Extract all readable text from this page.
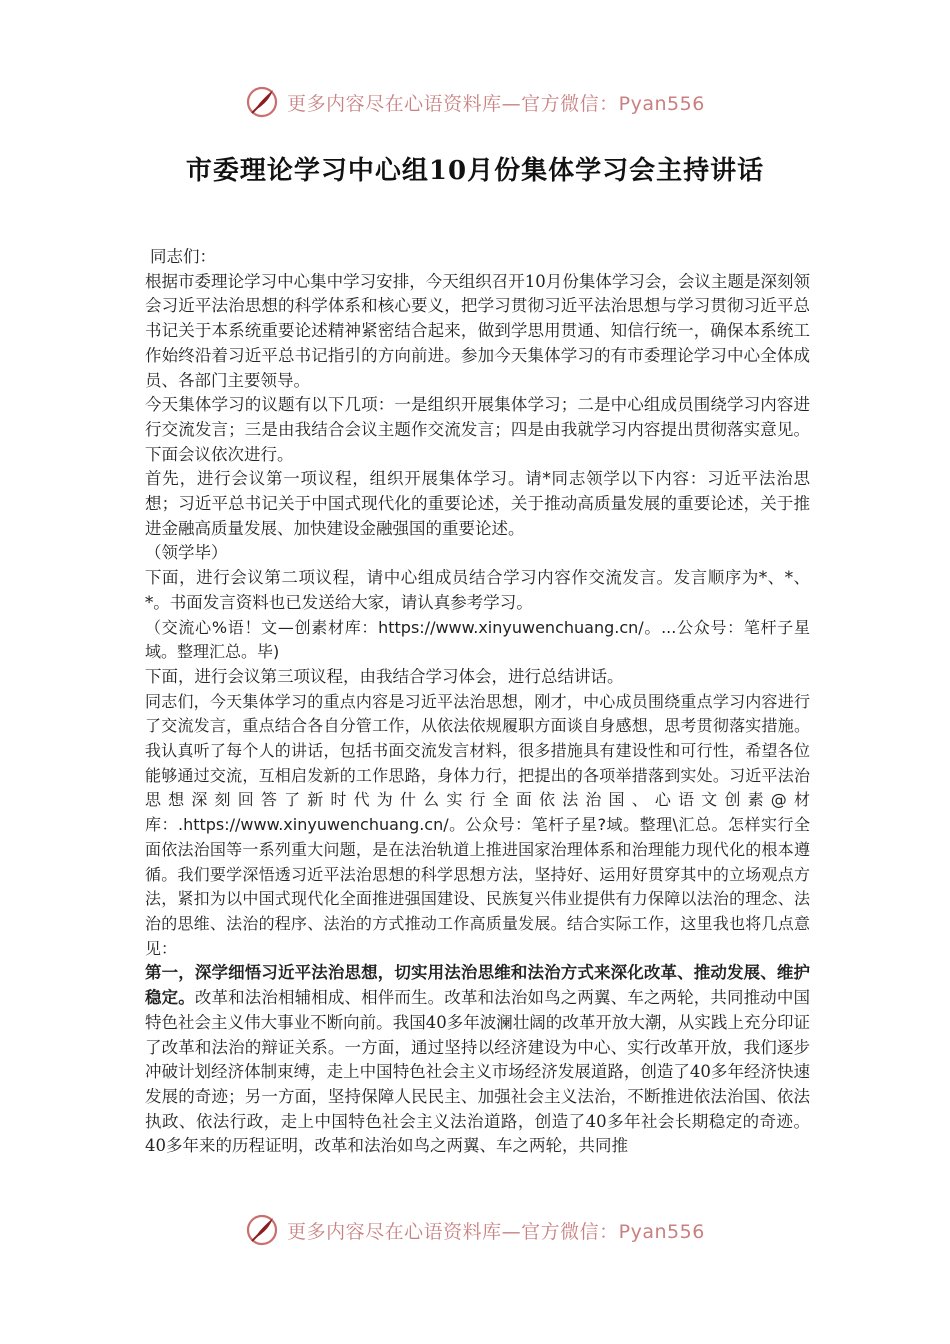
更多内容尽在心语资料库—官方微信：Pyan556
市委理论学习中心组10月份集体学习会主持讲话

同志们：

根据市委理论学习中心集中学习安排，今天组织召开10月份集体学习会，会议主题是深刻领会习近平法治思想的科学体系和核心要义，把学习贯彻习近平法治思想与学习贯彻习近平总书记关于本系统重要论述精神紧密结合起来，做到学思用贯通、知信行统一，确保本系统工作始终沿着习近平总书记指引的方向前进。参加今天集体学习的有市委理论学习中心全体成员、各部门主要领导。

今天集体学习的议题有以下几项：一是组织开展集体学习；二是中心组成员围绕学习内容进行交流发言；三是由我结合会议主题作交流发言；四是由我就学习内容提出贯彻落实意见。下面会议依次进行。

首先，进行会议第一项议程，组织开展集体学习。请*同志领学以下内容：习近平法治思想；习近平总书记关于中国式现代化的重要论述，关于推动高质量发展的重要论述，关于推进金融高质量发展、加快建设金融强国的重要论述。

（领学毕）

下面，进行会议第二项议程，请中心组成员结合学习内容作交流发言。发言顺序为*、*、*。书面发言资料也已发送给大家，请认真参考学习。

（交流心%语！文—创素材库：https://www.xinyuwenchuang.cn/。...公众号：笔杆子星域。整理汇总。毕)

下面，进行会议第三项议程，由我结合学习体会，进行总结讲话。

同志们，今天集体学习的重点内容是习近平法治思想，刚才，中心成员围绕重点学习内容进行了交流发言，重点结合各自分管工作，从依法依规履职方面谈自身感想，思考贯彻落实措施。我认真听了每个人的讲话，包括书面交流发言材料，很多措施具有建设性和可行性，希望各位能够通过交流，互相启发新的工作思路，身体力行，把提出的各项举措落到实处。习近平法治思想深刻回答了新时代为什么实行全面依法治国、心语文创素@材库：.https://www.xinyuwenchuang.cn/。公众号：笔杆子星?域。整理\汇总。怎样实行全面依法治国等一系列重大问题，是在法治轨道上推进国家治理体系和治理能力现代化的根本遵循。我们要学深悟透习近平法治思想的科学思想方法，坚持好、运用好贯穿其中的立场观点方法，紧扣为以中国式现代化全面推进强国建设、民族复兴伟业提供有力保障以法治的理念、法治的思维、法治的程序、法治的方式推动工作高质量发展。结合实际工作，这里我也将几点意见：

第一，深学细悟习近平法治思想，切实用法治思维和法治方式来深化改革、推动发展、维护稳定。改革和法治相辅相成、相伴而生。改革和法治如鸟之两翼、车之两轮，共同推动中国特色社会主义伟大事业不断向前。我国40多年波澜壮阔的改革开放大潮，从实践上充分印证了改革和法治的辩证关系。一方面，通过坚持以经济建设为中心、实行改革开放，我们逐步冲破计划经济体制束缚，走上中国特色社会主义市场经济发展道路，创造了40多年经济快速发展的奇迹；另一方面，坚持保障人民民主、加强社会主义法治，不断推进依法治国、依法执政、依法行政，走上中国特色社会主义法治道路，创造了40多年社会长期稳定的奇迹。40多年来的历程证明，改革和法治如鸟之两翼、车之两轮，共同推

更多内容尽在心语资料库—官方微信：Pyan556
